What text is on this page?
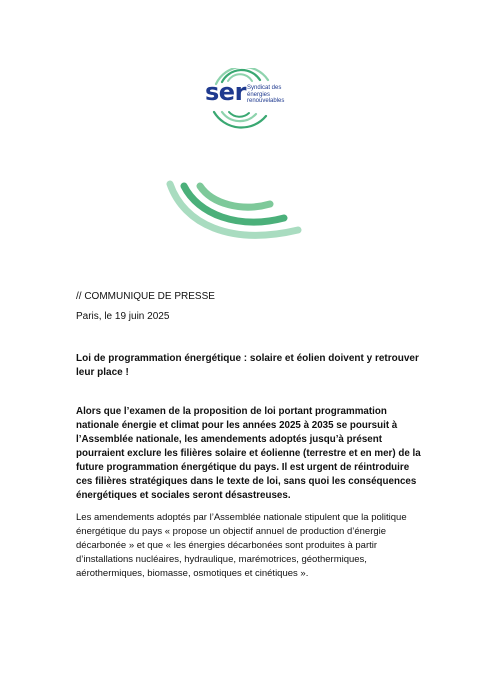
ser Syndicat des énergies renouvelables
// COMMUNIQUE DE PRESSE
Paris, le 19 juin 2025
Loi de programmation énergétique : solaire et éolien doivent y retrouver leur place !
Alors que l’examen de la proposition de loi portant programmation nationale énergie et climat pour les années 2025 à 2035 se poursuit à l’Assemblée nationale, les amendements adoptés jusqu’à présent pourraient exclure les filières solaire et éolienne (terrestre et en mer) de la future programmation énergétique du pays. Il est urgent de réintroduire ces filières stratégiques dans le texte de loi, sans quoi les conséquences énergétiques et sociales seront désastreuses.
Les amendements adoptés par l’Assemblée nationale stipulent que la politique énergétique du pays « propose un objectif annuel de production d’énergie décarbonée » et que « les énergies décarbonées sont produites à partir d’installations nucléaires, hydraulique, marémotrices, géothermiques, aérothermiques, biomasse, osmotiques et cinétiques ».
